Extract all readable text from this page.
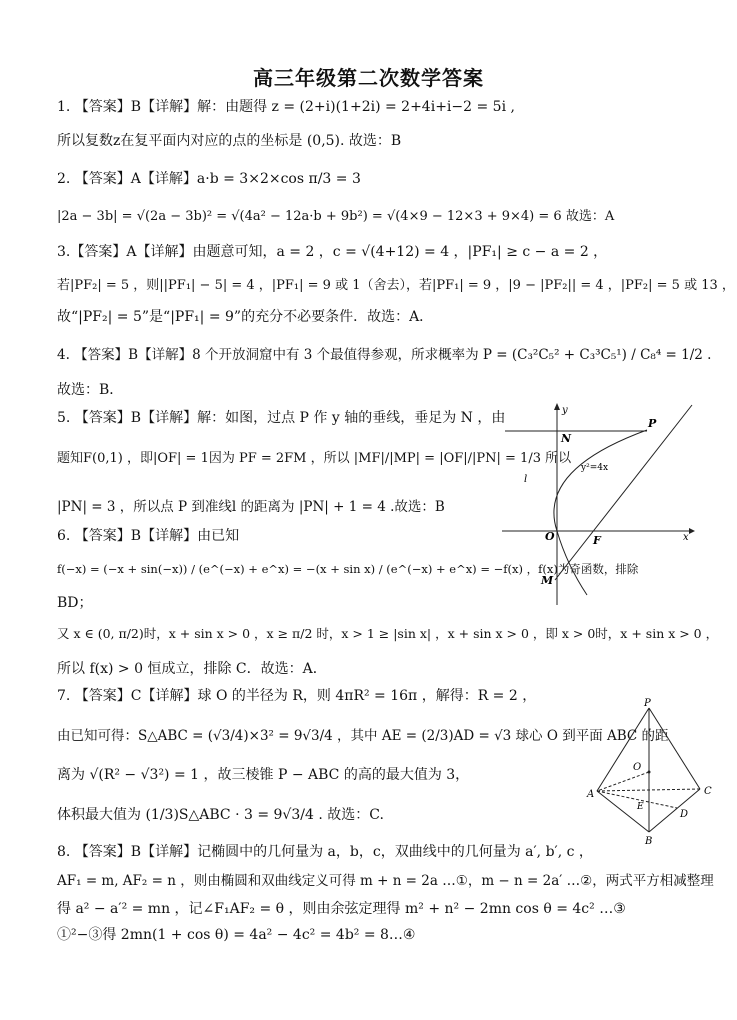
高三年级第二次数学答案
1. 【答案】B【详解】解：由题得 z = (2+i)(1+2i) = 2+4i+i−2 = 5i ,
所以复数z在复平面内对应的点的坐标是 (0,5). 故选：B
2. 【答案】A【详解】a·b = 3×2×cos π/3 = 3
|2a − 3b| = √(2a − 3b)² = √(4a² − 12a·b + 9b²) = √(4×9 − 12×3 + 9×4) = 6 故选：A
3.【答案】A【详解】由题意可知，a = 2 ，c = √(4+12) = 4 ，|PF₁| ≥ c − a = 2 ，
若|PF₂| = 5 ，则||PF₁| − 5| = 4 ，|PF₁| = 9 或 1（舍去），若|PF₁| = 9 ，|9 − |PF₂|| = 4 ，|PF₂| = 5 或 13 ，
故“|PF₂| = 5”是“|PF₁| = 9”的充分不必要条件．故选：A．
4. 【答案】B【详解】8 个开放洞窟中有 3 个最值得参观，所求概率为 P = (C₃²C₅² + C₃³C₅¹) / C₈⁴ = 1/2 .
故选：B．
5. 【答案】B【详解】解：如图，过点 P 作 y 轴的垂线，垂足为 N ，由
题知F(0,1) ，即|OF| = 1因为 PF = 2FM ，所以 |MF|/|MP| = |OF|/|PN| = 1/3 所以
|PN| = 3 ，所以点 P 到准线l 的距离为 |PN| + 1 = 4 .故选：B
6. 【答案】B【详解】由已知
f(−x) = (−x + sin(−x)) / (e^(−x) + e^x) = −(x + sin x) / (e^(−x) + e^x) = −f(x) ，f(x)为奇函数，排除
BD；
又 x ∈ (0, π/2)时，x + sin x > 0 ，x ≥ π/2 时，x > 1 ≥ |sin x| ，x + sin x > 0 ，即 x > 0时，x + sin x > 0 ，
所以 f(x) > 0 恒成立，排除 C．故选：A．
7. 【答案】C【详解】球 O 的半径为 R，则 4πR² = 16π ，解得：R = 2 ，
由已知可得：S△ABC = (√3/4)×3² = 9√3/4 ，其中 AE = (2/3)AD = √3 球心 O 到平面 ABC 的距
离为 √(R² − √3²) = 1 ，故三棱锥 P − ABC 的高的最大值为 3，
体积最大值为 (1/3)S△ABC · 3 = 9√3/4 . 故选：C.
8. 【答案】B【详解】记椭圆中的几何量为 a，b，c，双曲线中的几何量为 a′, b′, c ，
AF₁ = m, AF₂ = n ，则由椭圆和双曲线定义可得 m + n = 2a …①，m − n = 2a′ …②，两式平方相减整理
得 a² − a′² = mn ，记∠F₁AF₂ = θ ，则由余弦定理得 m² + n² − 2mn cos θ = 4c² …③
①²−③得 2mn(1 + cos θ) = 4a² − 4c² = 4b² = 8…④
y
x
N
P
l
y²=4x
O	F
M
P
O
A	C
E
D
B
